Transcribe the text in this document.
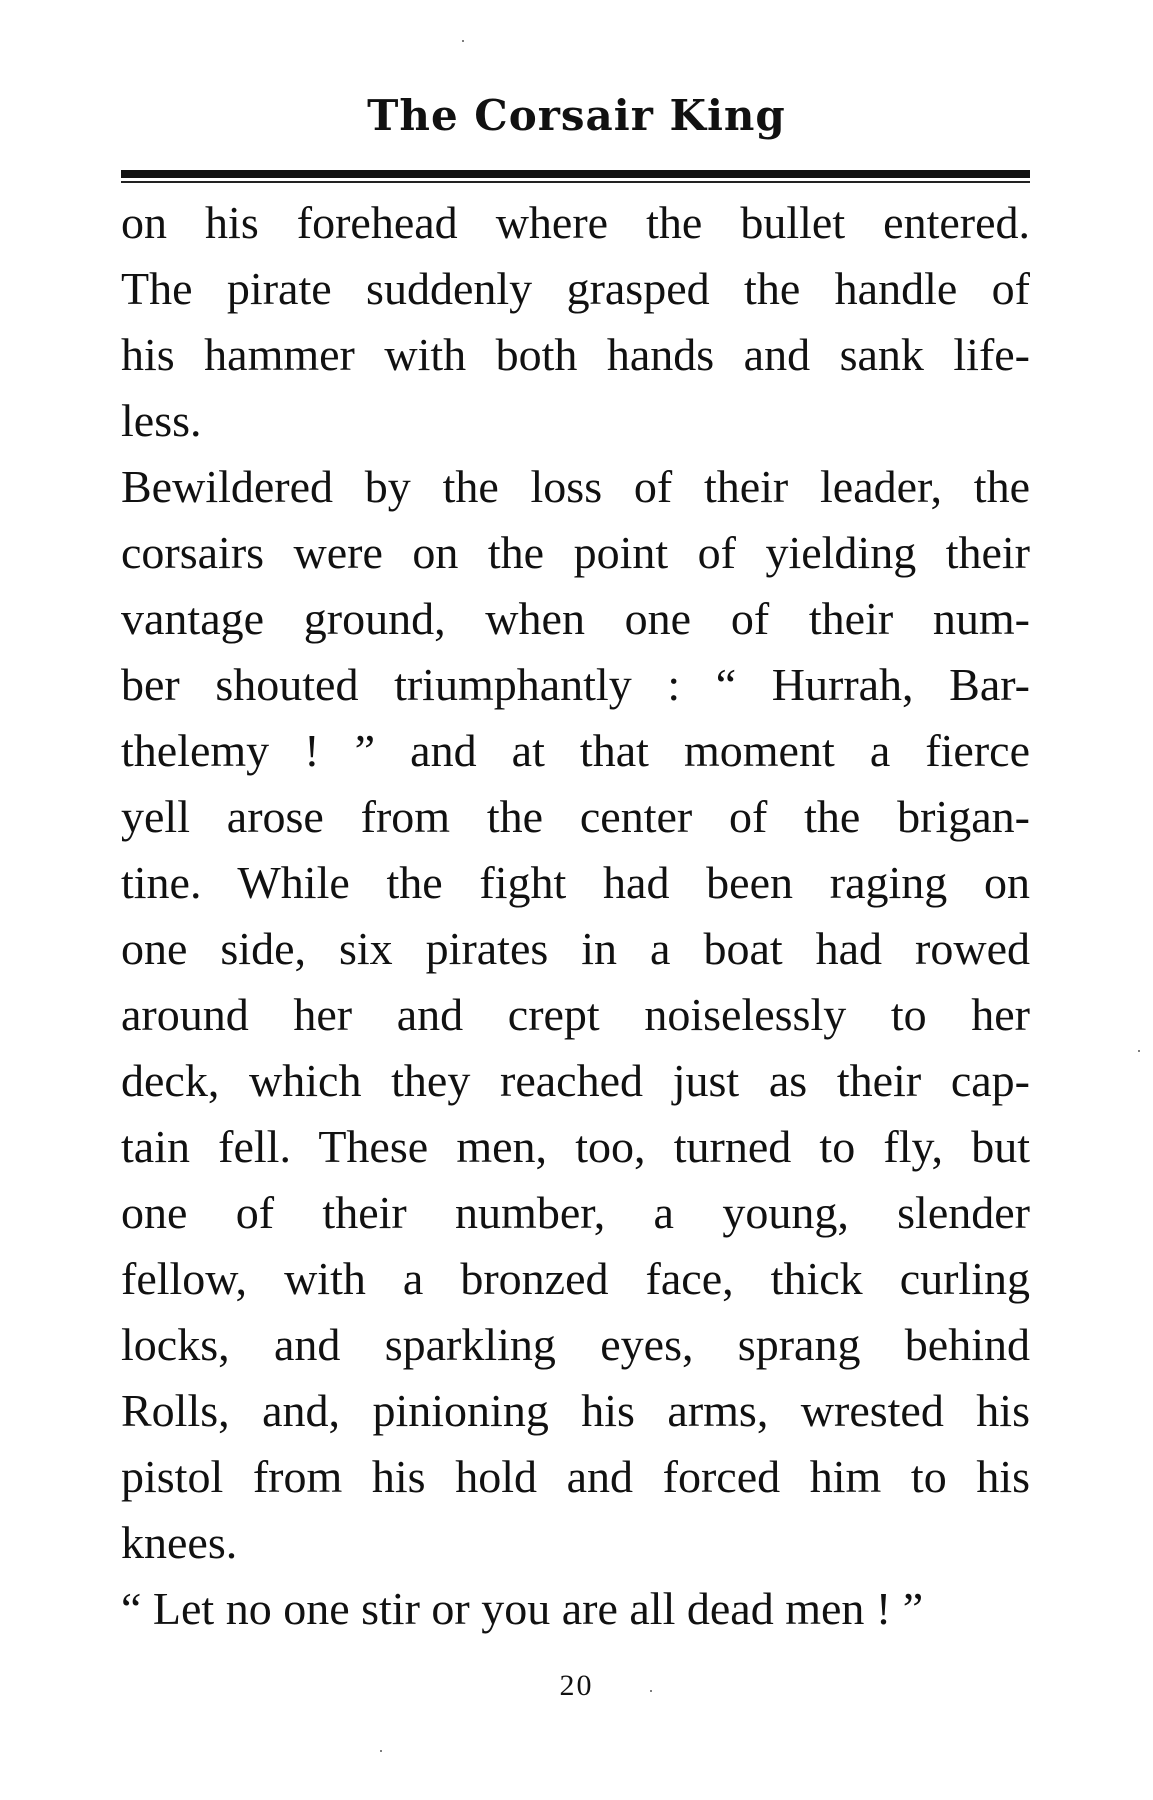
The Corsair King
on his forehead where the bullet entered.
The pirate suddenly grasped the handle of
his hammer with both hands and sank life-
less.
Bewildered by the loss of their leader, the
corsairs were on the point of yielding their
vantage ground, when one of their num-
ber shouted triumphantly : “ Hurrah, Bar-
thelemy ! ” and at that moment a fierce
yell arose from the center of the brigan-
tine. While the fight had been raging on
one side, six pirates in a boat had rowed
around her and crept noiselessly to her
deck, which they reached just as their cap-
tain fell. These men, too, turned to fly, but
one of their number, a young, slender
fellow, with a bronzed face, thick curling
locks, and sparkling eyes, sprang behind
Rolls, and, pinioning his arms, wrested his
pistol from his hold and forced him to his
knees.
“ Let no one stir or you are all dead men ! ”
20
